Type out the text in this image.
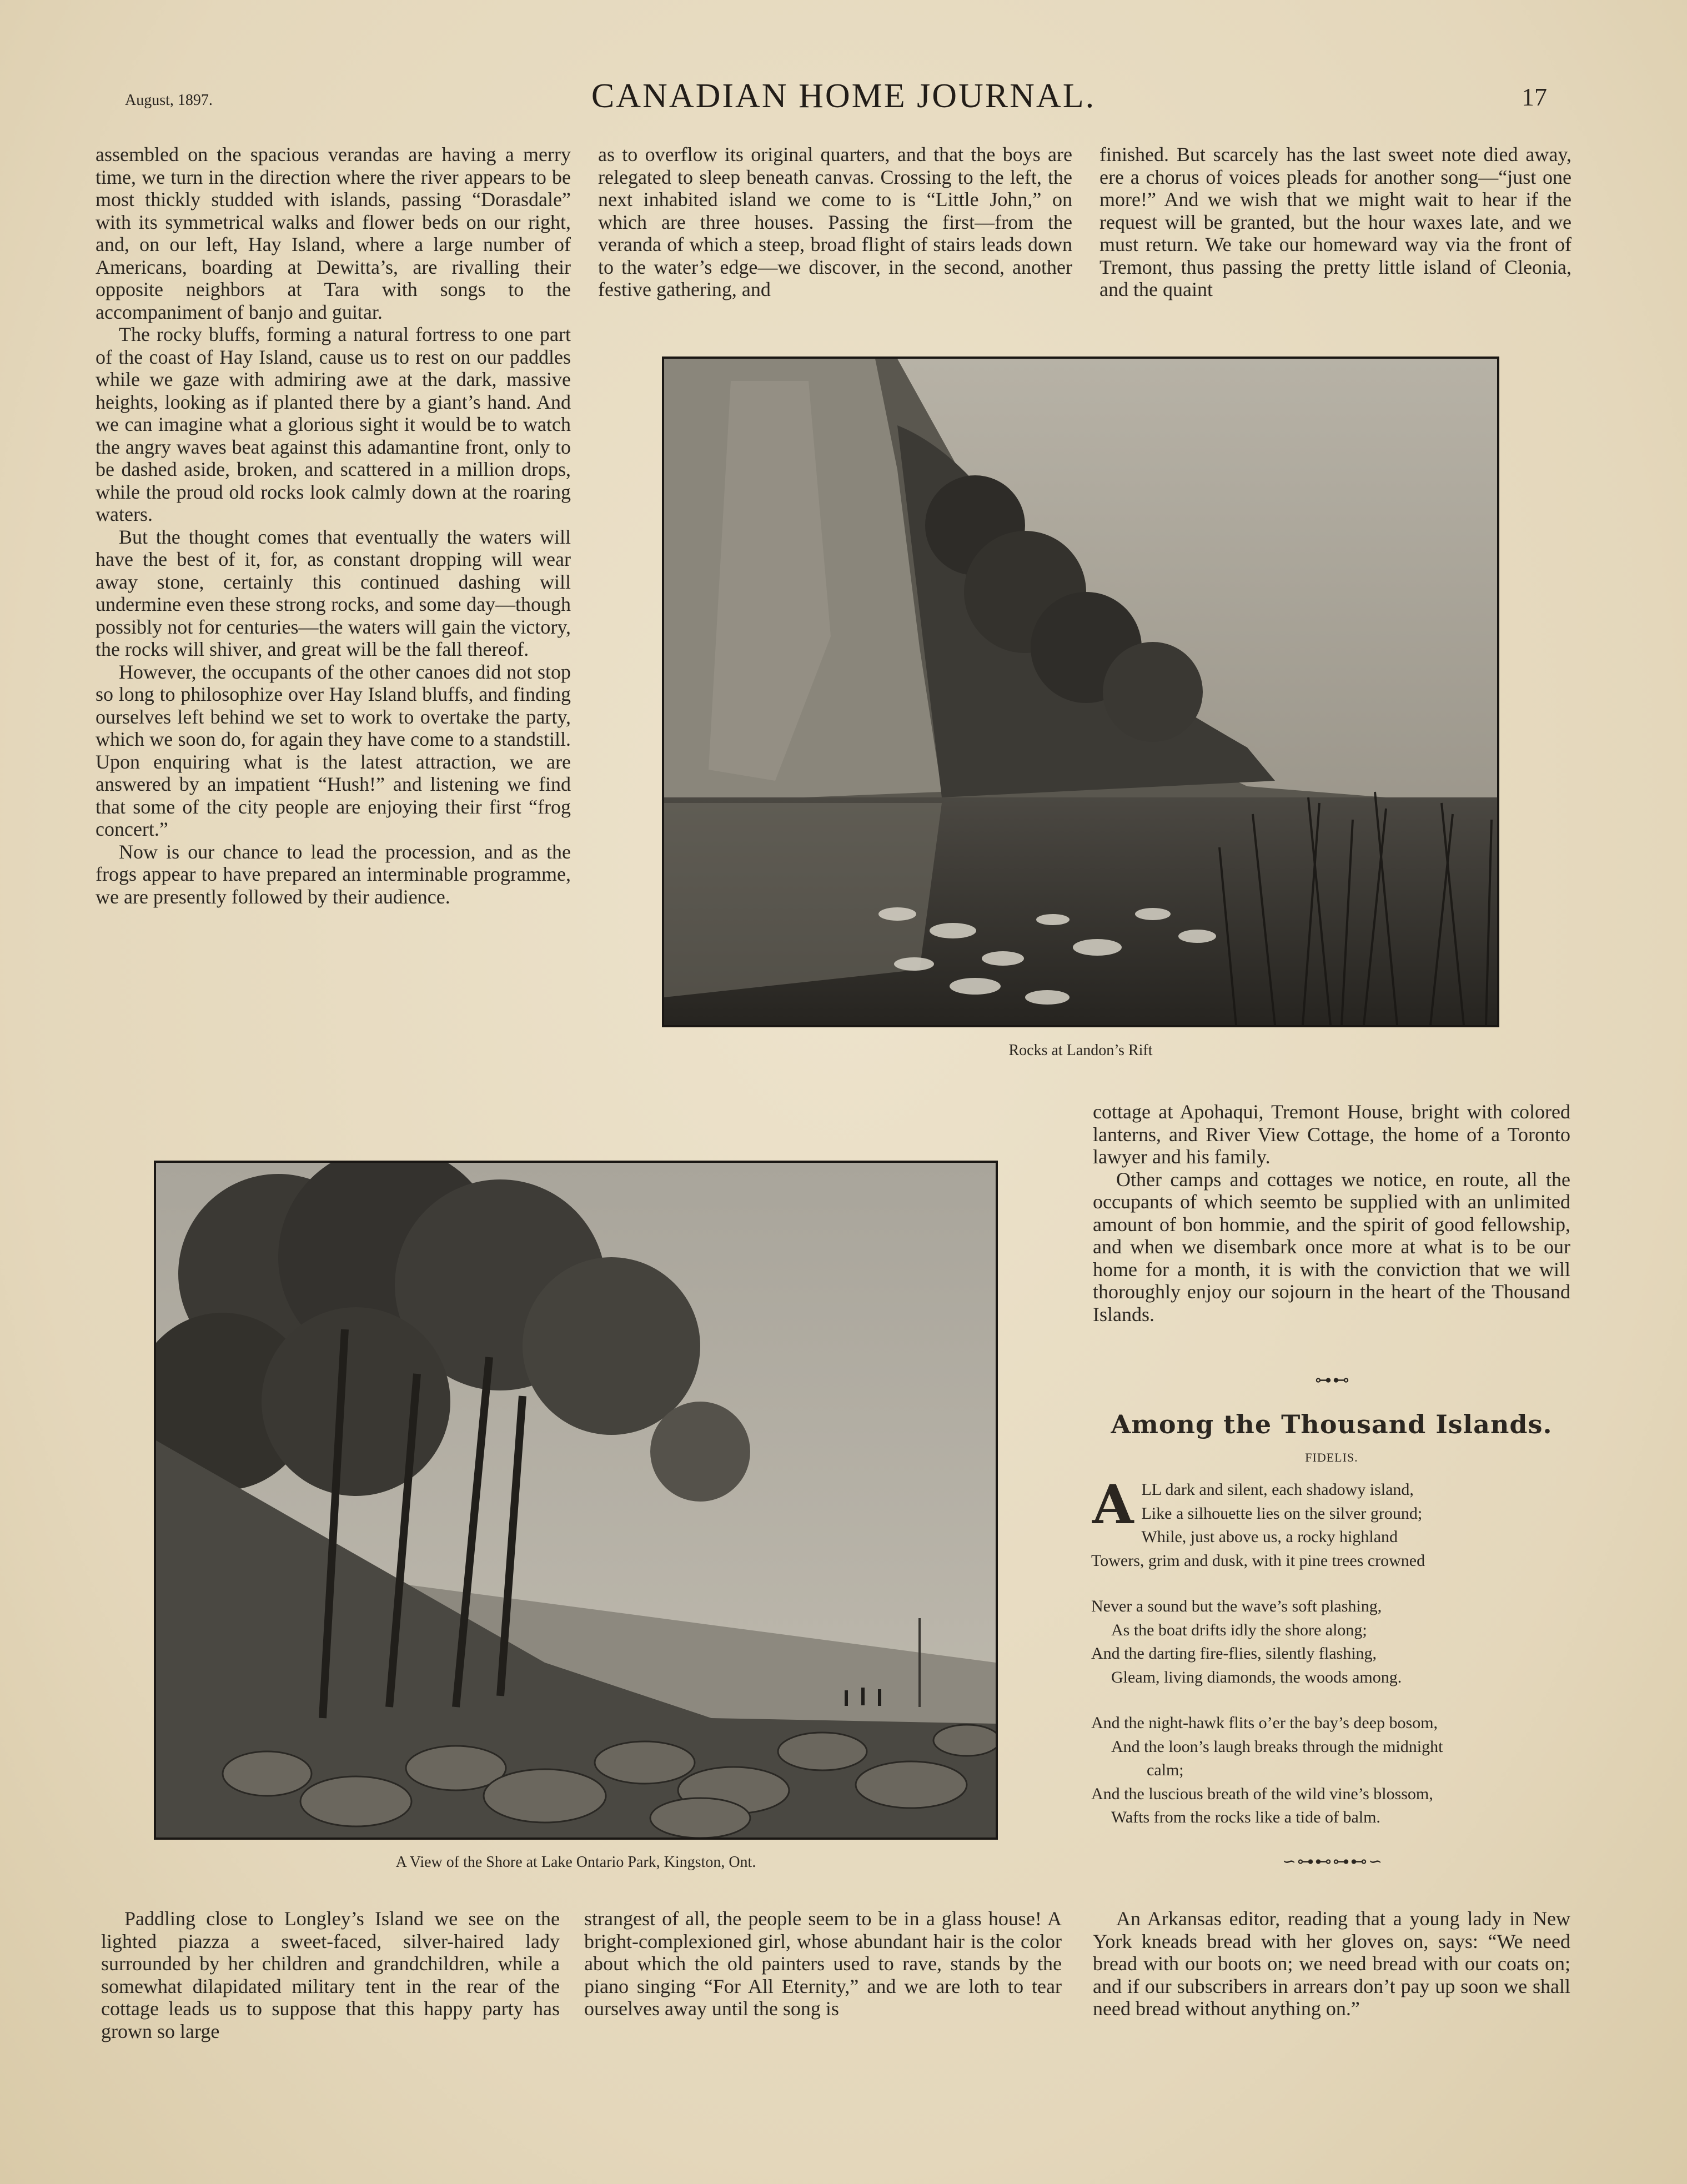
August, 1897.	CANADIAN HOME JOURNAL.	17

assembled on the spacious verandas are having a merry time, we turn in the direction where the river appears to be most thickly studded with islands, passing “Dorasdale” with its symmetrical walks and flower beds on our right, and, on our left, Hay Island, where a large number of Americans, boarding at Dewitta’s, are rivalling their opposite neighbors at Tara with songs to the accompaniment of banjo and guitar.

The rocky bluffs, forming a natural fortress to one part of the coast of Hay Island, cause us to rest on our paddles while we gaze with admiring awe at the dark, massive heights, looking as if planted there by a giant’s hand. And we can imagine what a glorious sight it would be to watch the angry waves beat against this adamantine front, only to be dashed aside, broken, and scattered in a million drops, while the proud old rocks look calmly down at the roaring waters.

But the thought comes that eventually the waters will have the best of it, for, as constant dropping will wear away stone, certainly this continued dashing will undermine even these strong rocks, and some day—though possibly not for centuries—the waters will gain the victory, the rocks will shiver, and great will be the fall thereof.

However, the occupants of the other canoes did not stop so long to philosophize over Hay Island bluffs, and finding ourselves left behind we set to work to overtake the party, which we soon do, for again they have come to a standstill. Upon enquiring what is the latest attraction, we are answered by an impatient “Hush!” and listening we find that some of the city people are enjoying their first “frog concert.”

Now is our chance to lead the procession, and as the frogs appear to have prepared an interminable programme, we are presently followed by their audience.

as to overflow its original quarters, and that the boys are relegated to sleep beneath canvas. Crossing to the left, the next inhabited island we come to is “Little John,” on which are three houses. Passing the first—from the veranda of which a steep, broad flight of stairs leads down to the water’s edge—we discover, in the second, another festive gathering, and

finished. But scarcely has the last sweet note died away, ere a chorus of voices pleads for another song—“just one more!” And we wish that we might wait to hear if the request will be granted, but the hour waxes late, and we must return. We take our homeward way via the front of Tremont, thus passing the pretty little island of Cleonia, and the quaint

Rocks at Landon’s Rift

cottage at Apohaqui, Tremont House, bright with colored lanterns, and River View Cottage, the home of a Toronto lawyer and his family.

Other camps and cottages we notice, en route, all the occupants of which seemto be supplied with an unlimited amount of bon hommie, and the spirit of good fellowship, and when we disembark once more at what is to be our home for a month, it is with the conviction that we will thoroughly enjoy our sojourn in the heart of the Thousand Islands.

A View of the Shore at Lake Ontario Park, Kingston, Ont.
⊶⊷
Among the Thousand Islands.
FIDELIS.
A LL dark and silent, each shadowy island,
Like a silhouette lies on the silver ground;
While, just above us, a rocky highland
Towers, grim and dusk, with it pine trees crowned
Never a sound but the wave’s soft plashing,
As the boat drifts idly the shore along;
And the darting fire-flies, silently flashing,
Gleam, living diamonds, the woods among.
And the night-hawk flits o’er the bay’s deep bosom,
And the loon’s laugh breaks through the midnight
calm;
And the luscious breath of the wild vine’s blossom,
Wafts from the rocks like a tide of balm.
∽⊶⊷⊶⊷∽

Paddling close to Longley’s Island we see on the lighted piazza a sweet-faced, silver-haired lady surrounded by her children and grandchildren, while a somewhat dilapidated military tent in the rear of the cottage leads us to suppose that this happy party has grown so large

strangest of all, the people seem to be in a glass house! A bright-complexioned girl, whose abundant hair is the color about which the old painters used to rave, stands by the piano singing “For All Eternity,” and we are loth to tear ourselves away until the song is

An Arkansas editor, reading that a young lady in New York kneads bread with her gloves on, says: “We need bread with our boots on; we need bread with our coats on; and if our subscribers in arrears don’t pay up soon we shall need bread without anything on.”
